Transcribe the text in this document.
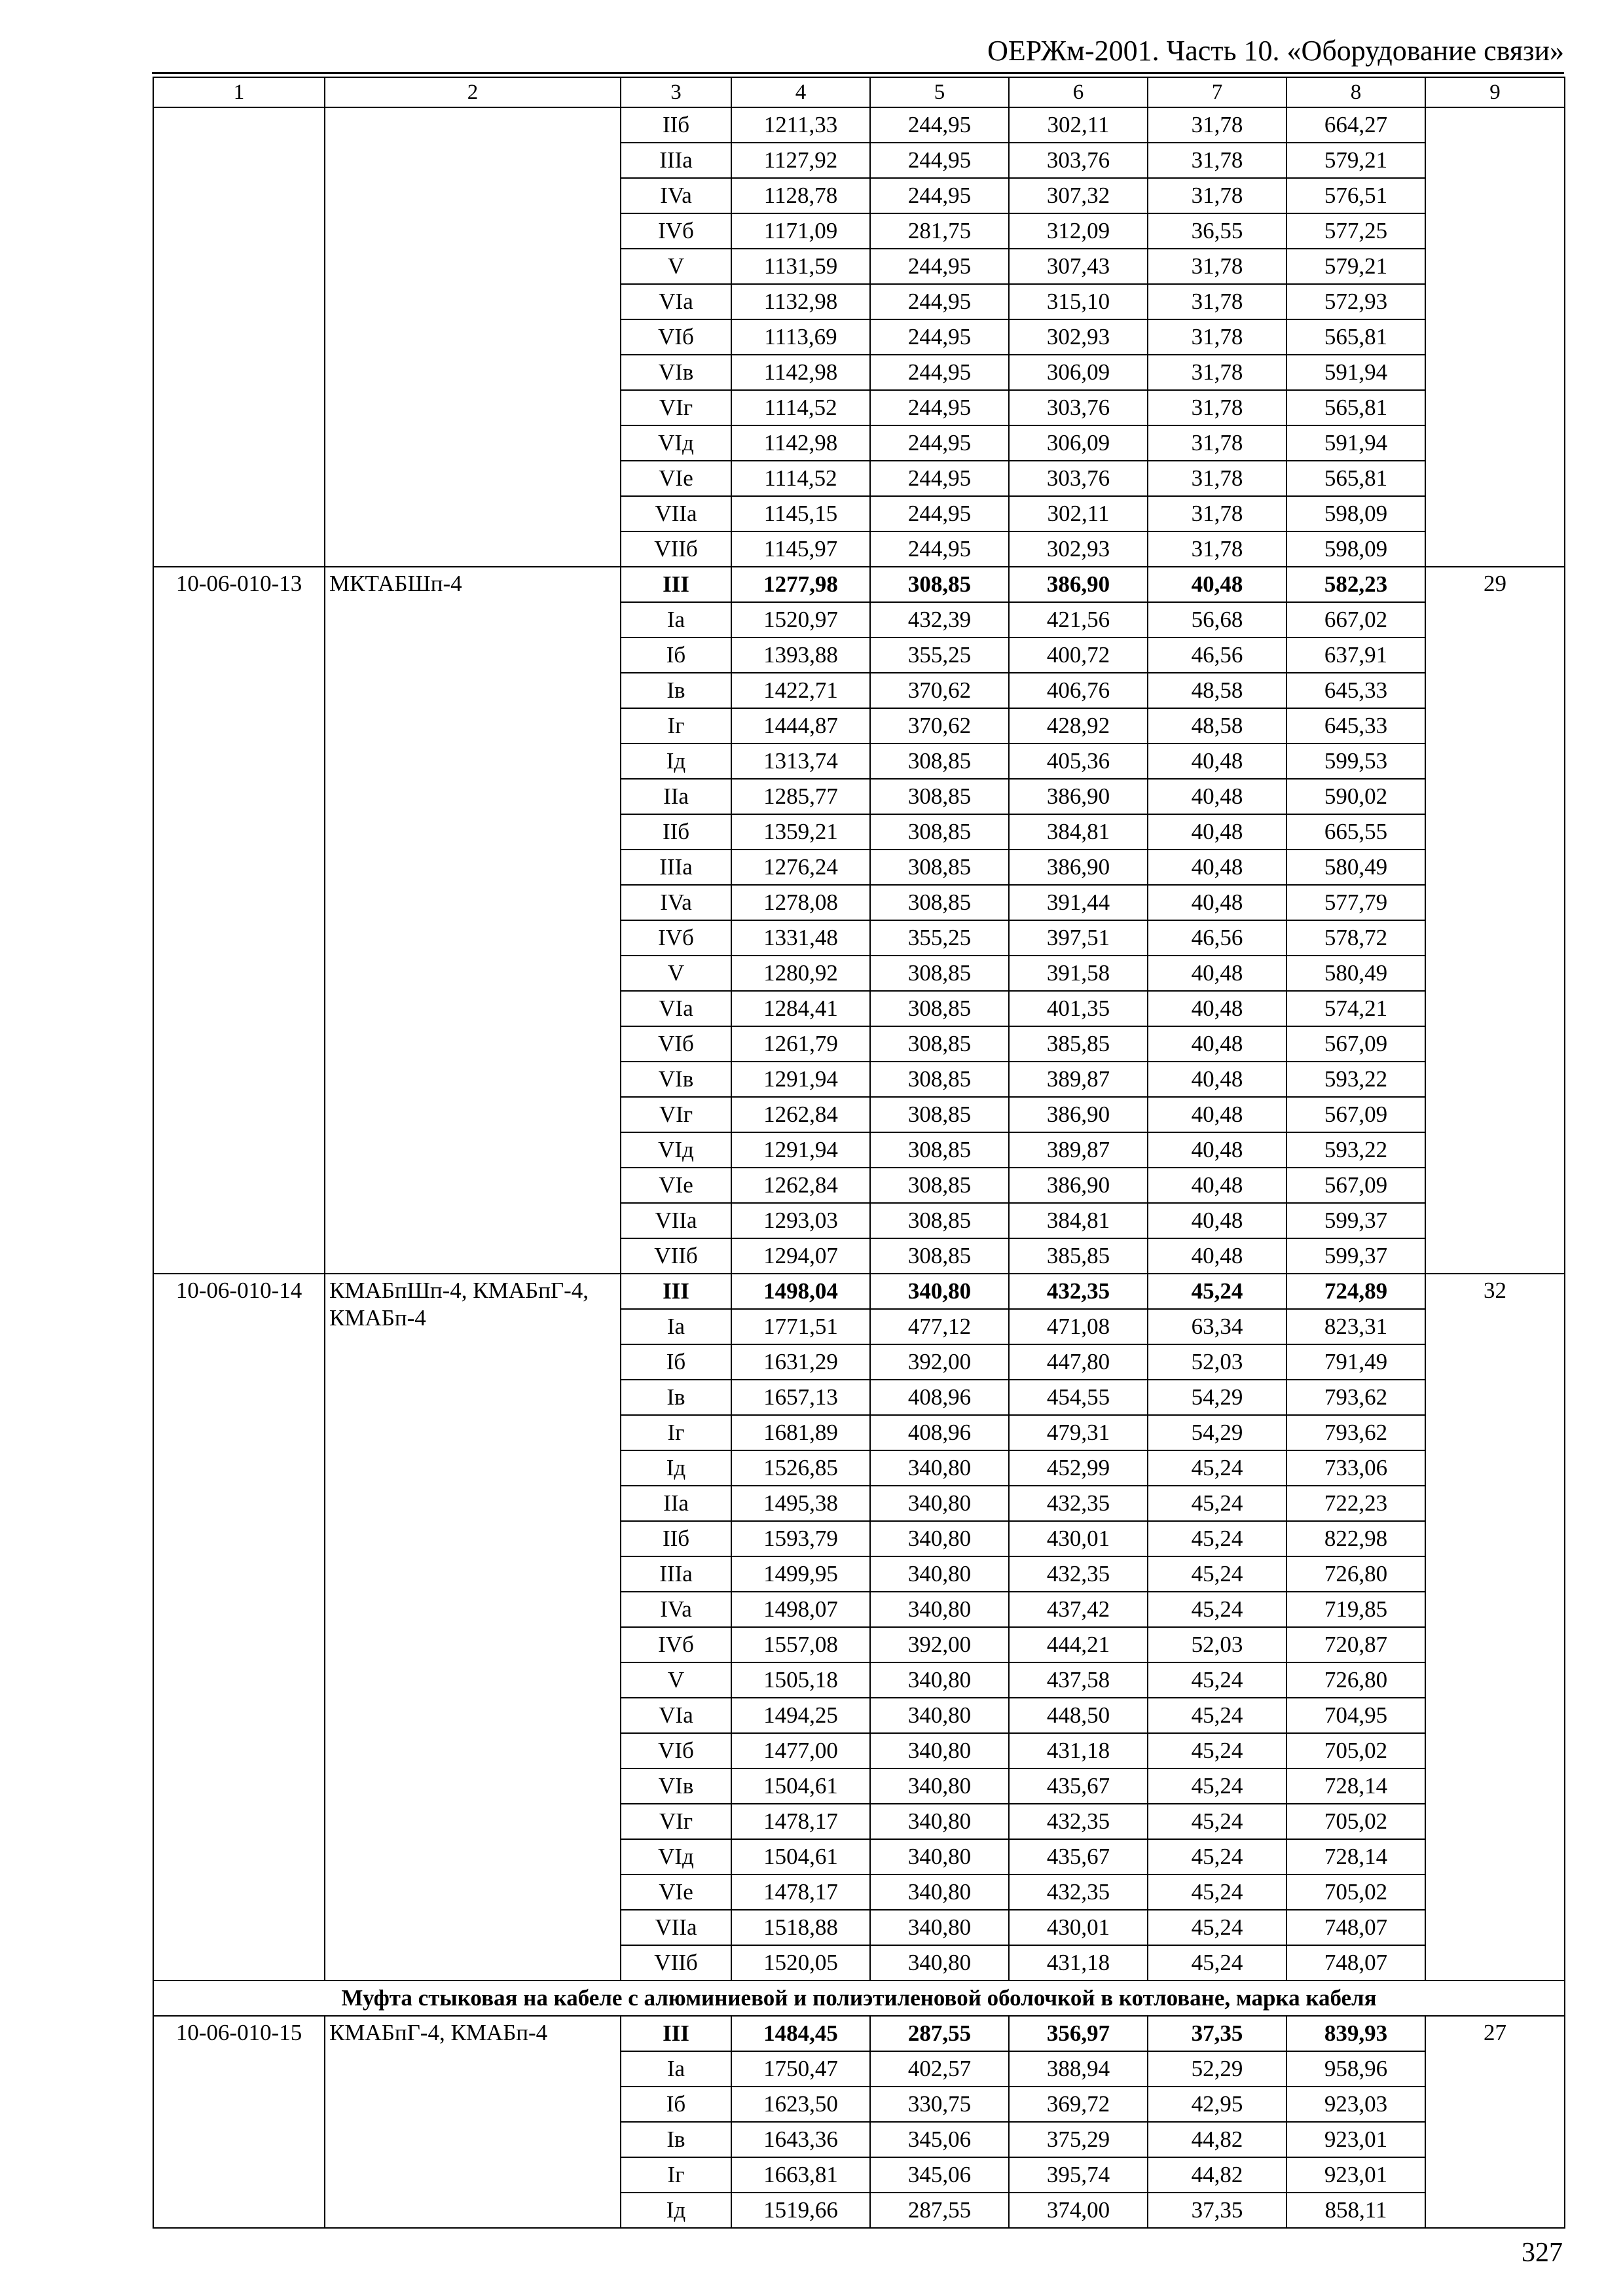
ОЕРЖм-2001. Часть 10. «Оборудование связи»
1	2	3	4	5	6	7	8	9
		IIб	1211,33	244,95	302,11	31,78	664,27	
		IIIa	1127,92	244,95	303,76	31,78	579,21	
		IVa	1128,78	244,95	307,32	31,78	576,51	
		IVб	1171,09	281,75	312,09	36,55	577,25	
		V	1131,59	244,95	307,43	31,78	579,21	
		VIa	1132,98	244,95	315,10	31,78	572,93	
		VIб	1113,69	244,95	302,93	31,78	565,81	
		VIв	1142,98	244,95	306,09	31,78	591,94	
		VIг	1114,52	244,95	303,76	31,78	565,81	
		VIд	1142,98	244,95	306,09	31,78	591,94	
		VIe	1114,52	244,95	303,76	31,78	565,81	
		VIIa	1145,15	244,95	302,11	31,78	598,09	
		VIIб	1145,97	244,95	302,93	31,78	598,09	
10-06-010-13	МКТАБШп-4	III	1277,98	308,85	386,90	40,48	582,23	29
		Ia	1520,97	432,39	421,56	56,68	667,02	
		Iб	1393,88	355,25	400,72	46,56	637,91	
		Iв	1422,71	370,62	406,76	48,58	645,33	
		Iг	1444,87	370,62	428,92	48,58	645,33	
		Iд	1313,74	308,85	405,36	40,48	599,53	
		IIa	1285,77	308,85	386,90	40,48	590,02	
		IIб	1359,21	308,85	384,81	40,48	665,55	
		IIIa	1276,24	308,85	386,90	40,48	580,49	
		IVa	1278,08	308,85	391,44	40,48	577,79	
		IVб	1331,48	355,25	397,51	46,56	578,72	
		V	1280,92	308,85	391,58	40,48	580,49	
		VIa	1284,41	308,85	401,35	40,48	574,21	
		VIб	1261,79	308,85	385,85	40,48	567,09	
		VIв	1291,94	308,85	389,87	40,48	593,22	
		VIг	1262,84	308,85	386,90	40,48	567,09	
		VIд	1291,94	308,85	389,87	40,48	593,22	
		VIe	1262,84	308,85	386,90	40,48	567,09	
		VIIa	1293,03	308,85	384,81	40,48	599,37	
		VIIб	1294,07	308,85	385,85	40,48	599,37	
10-06-010-14	КМАБпШп-4, КМАБпГ-4, КМАБп-4	III	1498,04	340,80	432,35	45,24	724,89	32
		Ia	1771,51	477,12	471,08	63,34	823,31	
		Iб	1631,29	392,00	447,80	52,03	791,49	
		Iв	1657,13	408,96	454,55	54,29	793,62	
		Iг	1681,89	408,96	479,31	54,29	793,62	
		Iд	1526,85	340,80	452,99	45,24	733,06	
		IIa	1495,38	340,80	432,35	45,24	722,23	
		IIб	1593,79	340,80	430,01	45,24	822,98	
		IIIa	1499,95	340,80	432,35	45,24	726,80	
		IVa	1498,07	340,80	437,42	45,24	719,85	
		IVб	1557,08	392,00	444,21	52,03	720,87	
		V	1505,18	340,80	437,58	45,24	726,80	
		VIa	1494,25	340,80	448,50	45,24	704,95	
		VIб	1477,00	340,80	431,18	45,24	705,02	
		VIв	1504,61	340,80	435,67	45,24	728,14	
		VIг	1478,17	340,80	432,35	45,24	705,02	
		VIд	1504,61	340,80	435,67	45,24	728,14	
		VIe	1478,17	340,80	432,35	45,24	705,02	
		VIIa	1518,88	340,80	430,01	45,24	748,07	
		VIIб	1520,05	340,80	431,18	45,24	748,07	
Муфта стыковая на кабеле с алюминиевой и полиэтиленовой оболочкой в котловане, марка кабеля								
10-06-010-15	КМАБпГ-4, КМАБп-4	III	1484,45	287,55	356,97	37,35	839,93	27
		Ia	1750,47	402,57	388,94	52,29	958,96	
		Iб	1623,50	330,75	369,72	42,95	923,03	
		Iв	1643,36	345,06	375,29	44,82	923,01	
		Iг	1663,81	345,06	395,74	44,82	923,01	
		Iд	1519,66	287,55	374,00	37,35	858,11	
327
